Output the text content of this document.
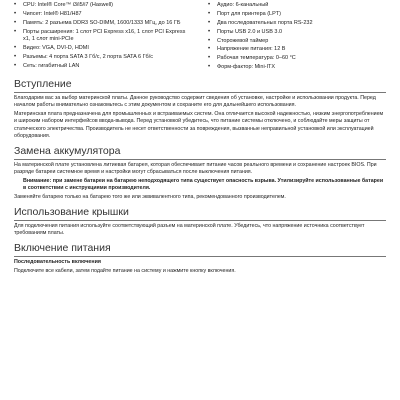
• CPU: Intel® Core™ i3/i5/i7 (Haswell)
• Чипсет: Intel® H81/H87
• Память: 2 разъема DDR3 SO-DIMM, 1600/1333 МГц, до 16 ГБ
• Порты расширения: 1 слот PCI Express x16, 1 слот PCI Express x1, 1 слот mini-PCIe
• Видео: VGA, DVI-D, HDMI
• Разъемы: 4 порта SATA 3 Гб/с, 2 порта SATA 6 Гб/с
• Сеть: гигабитный LAN
• Аудио: 6-канальный
• Порт для принтера (LPT)
• Два последовательных порта RS-232
• Порты USB 2.0 и USB 3.0
• Сторожевой таймер
• Напряжение питания: 12 В
• Рабочая температура: 0–60 °C
• Форм-фактор: Mini-ITX
Вступление

Благодарим вас за выбор материнской платы. Данное руководство содержит сведения об установке, настройке и использовании продукта. Перед началом работы внимательно ознакомьтесь с этим документом и сохраните его для дальнейшего использования.

Материнская плата предназначена для промышленных и встраиваемых систем. Она отличается высокой надежностью, низким энергопотреблением и широким набором интерфейсов ввода-вывода. Перед установкой убедитесь, что питание системы отключено, и соблюдайте меры защиты от статического электричества. Производитель не несет ответственности за повреждения, вызванные неправильной установкой или эксплуатацией оборудования.

Замена аккумулятора

На материнской плате установлена литиевая батарея, которая обеспечивает питание часов реального времени и сохранение настроек BIOS. При разряде батареи системное время и настройки могут сбрасываться после выключения питания.

Внимание: при замене батареи на батарею неподходящего типа существует опасность взрыва. Утилизируйте использованные батареи в соответствии с инструкциями производителя.

Заменяйте батарею только на батарею того же или эквивалентного типа, рекомендованного производителем.

Использование крышки

Для подключения питания используйте соответствующий разъем на материнской плате. Убедитесь, что напряжение источника соответствует требованиям платы.

Включение питания

Последовательность включения

Подключите все кабели, затем подайте питание на систему и нажмите кнопку включения.
